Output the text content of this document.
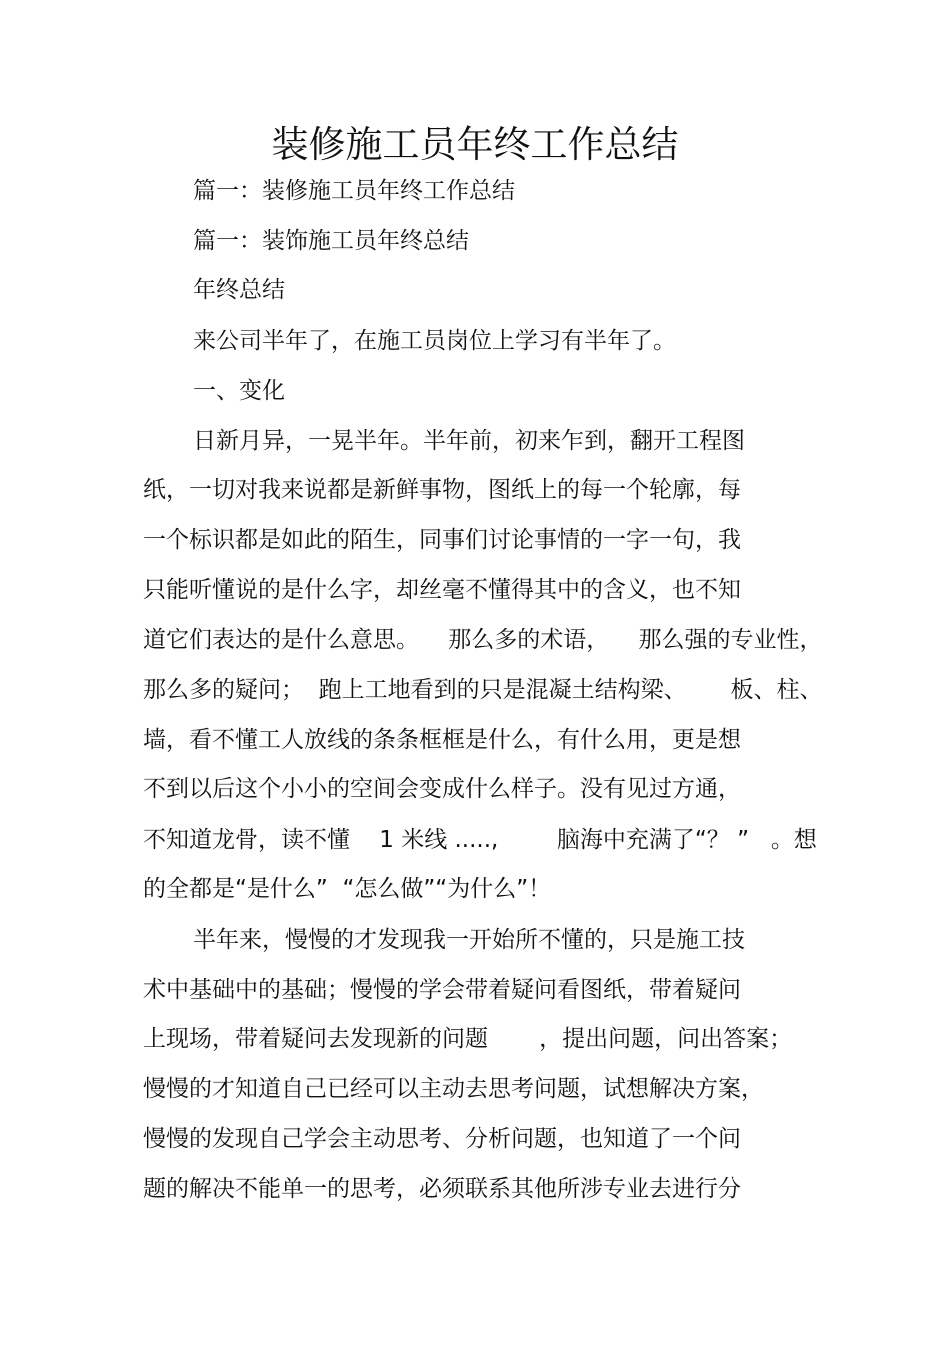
装修施工员年终工作总结

篇一：装修施工员年终工作总结

篇一：装饰施工员年终总结

年终总结

来公司半年了，在施工员岗位上学习有半年了。

一、变化

日新月异，一晃半年。半年前，初来乍到，翻开工程图

纸，一切对我来说都是新鲜事物，图纸上的每一个轮廓，每

一个标识都是如此的陌生，同事们讨论事情的一字一句，我

只能听懂说的是什么字，却丝毫不懂得其中的含义，也不知

道它们表达的是什么意思。    那么多的术语，    那么强的专业性，

那么多的疑问；  跑上工地看到的只是混凝土结构梁、      板、柱、

墙，看不懂工人放线的条条框框是什么，有什么用，更是想

不到以后这个小小的空间会变成什么样子。没有见过方通，

不知道龙骨，读不懂    1 米线 .....,        脑海中充满了“？ ”   。想

的全都是“是什么”  “怎么做”“为什么”！

半年来，慢慢的才发现我一开始所不懂的，只是施工技

术中基础中的基础；慢慢的学会带着疑问看图纸，带着疑问

上现场，带着疑问去发现新的问题       ，提出问题，问出答案；

慢慢的才知道自己已经可以主动去思考问题，试想解决方案，

慢慢的发现自己学会主动思考、分析问题，也知道了一个问

题的解决不能单一的思考，必须联系其他所涉专业去进行分
